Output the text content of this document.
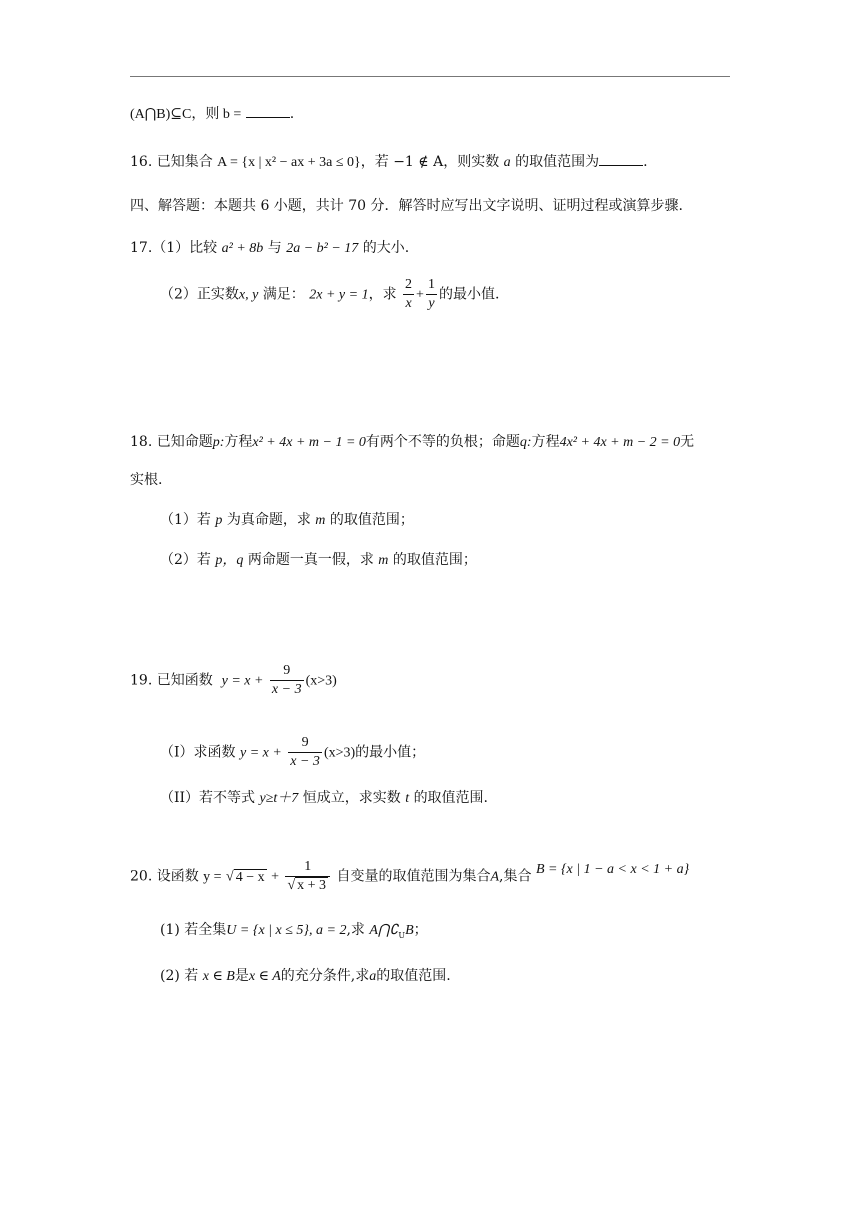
(A⋂B)⊆C，则 b =	.
16. 已知集合 A = {x | x² − ax + 3a ≤ 0}，若 −1 ∉ A，则实数 a 的取值范围为	.
四、解答题：本题共 6 小题，共计 70 分．解答时应写出文字说明、证明过程或演算步骤.
17.（1）比较 a² + 8b 与 2a − b² − 17 的大小.
（2）正实数x, y 满足： 2x + y = 1，求 $\frac{2}{x} + \frac{1}{y}$ 的最小值.
18. 已知命题p:方程x² + 4x + m − 1 = 0有两个不等的负根；命题q:方程4x² + 4x + m − 2 = 0无
实根.
（1）若 p 为真命题，求 m 的取值范围；
（2）若 p，q 两命题一真一假，求 m 的取值范围；
19. 已知函数 $y = x + \frac{9}{x - 3} (x>3)$
（I）求函数 $y = x + \frac{9}{x - 3} (x>3)$的最小值；
（II）若不等式 y≥t＋7 恒成立，求实数 t 的取值范围.
20. 设函数 y = √ $4 - x + \frac{1}{√ x + 3}$ 自变量的取值范围为集合A,集合 B = {x | 1 − a < x < 1 + a}
(1) 若全集U = {x | x ≤ 5}, a = 2,求 $A⋂∁_UB$；
(2) 若 x ∈ B是x ∈ A的充分条件,求a的取值范围.
